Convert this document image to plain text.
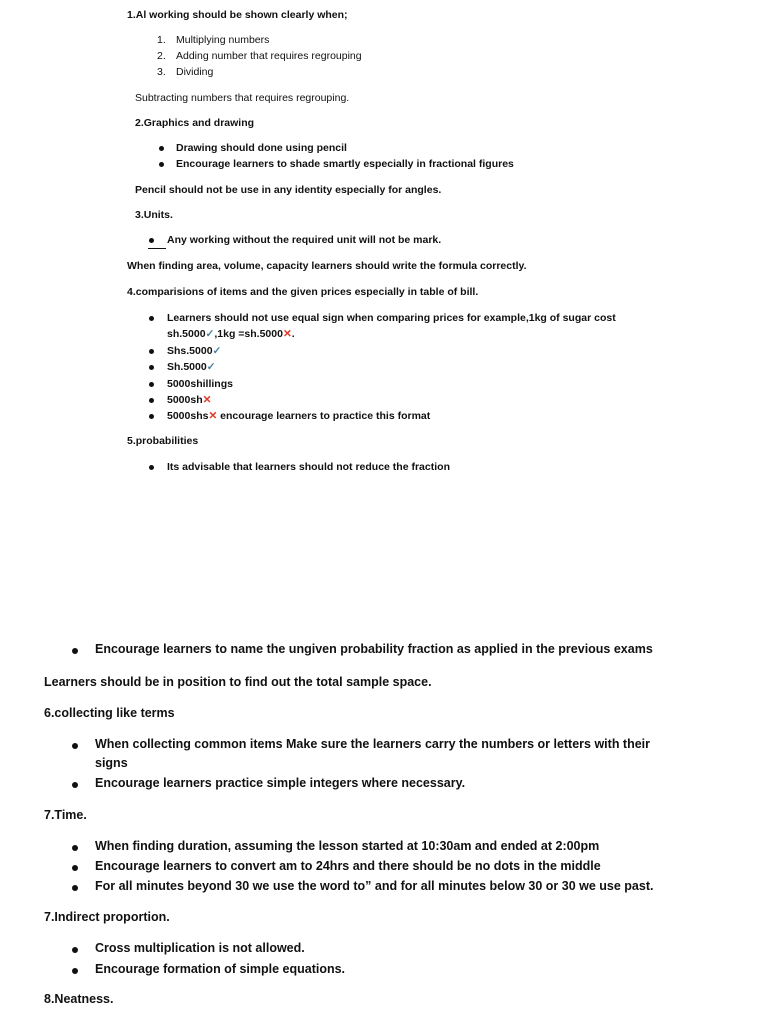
1.Al working should be shown clearly when;

1. Multiplying numbers
2. Adding number that requires regrouping
3. Dividing

Subtracting numbers that requires regrouping.

2.Graphics and drawing

Drawing should done using pencil
Encourage learners to shade smartly especially in fractional figures

Pencil should not be use in any identity especially for angles.

3.Units.

Any working without the required unit will not be mark.

When finding area, volume, capacity learners should write the formula correctly.

4.comparisions of items and the given prices especially in table of bill.

Learners should not use equal sign when comparing prices for example,1kg of sugar cost
sh.5000✓,1kg =sh.5000✕.
Shs.5000✓
Sh.5000✓
5000shillings
5000sh✕
5000shs✕ encourage learners to practice this format

5.probabilities

Its advisable that learners should not reduce the fraction
Encourage learners to name the ungiven probability fraction as applied in the previous exams

Learners should be in position to find out the total sample space.

6.collecting like terms

When collecting common items Make sure the learners carry the numbers or letters with their
signs
Encourage learners practice simple integers where necessary.

7.Time.

When finding duration, assuming the lesson started at 10:30am and ended at 2:00pm
Encourage learners to convert am to 24hrs and there should be no dots in the middle
For all minutes beyond 30 we use the word to” and for all minutes below 30 or 30 we use past.

7.Indirect proportion.

Cross multiplication is not allowed.
Encourage formation of simple equations.

8.Neatness.
